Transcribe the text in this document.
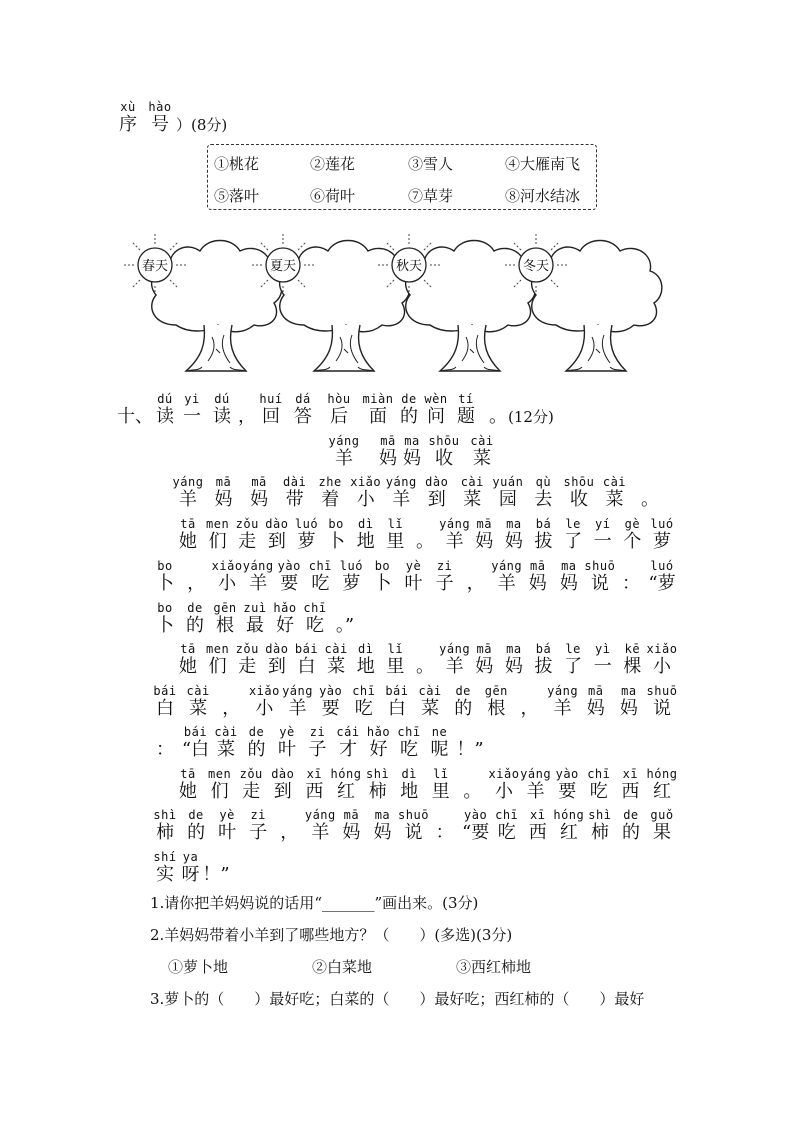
xù
序
hào
号 ）(8分)
①桃花	②莲花	③雪人	④大雁南飞
⑤落叶	⑥荷叶	⑦草芽	⑧河水结冰
春天	夏天	秋天	冬天
十、
dú
读
yi
一
dú
读 ，
huí
回
dá
答
hòu
后
miàn
面
de
的
wèn
问
tí
题 。 (12分)
yáng
羊
mā
妈
ma
妈
shōu
收
cài
菜
yáng
羊
mā
妈
mā
妈
dài
带
zhe
着
xiǎo
小
yáng
羊
dào
到
cài
菜
yuán
园
qù
去
shōu
收
cài
菜 。
tā
她
men
们
zǒu
走
dào
到
luó
萝
bo
卜
dì
地
lǐ
里 。
yáng
羊
mā
妈
ma
妈
bá
拔
le
了
yí
一
gè
个
luó
萝
bo
卜 ，
xiǎo
小
yáng
羊
yào
要
chī
吃
luó
萝
bo
卜
yè
叶
zi
子 ，
yáng
羊
mā
妈
ma
妈
shuō
说 ：
luó
“萝
bo
卜
de
的
gēn
根
zuì
最
hǎo
好
chī
吃 。”
tā
她
men
们
zǒu
走
dào
到
bái
白
cài
菜
dì
地
lǐ
里 。
yáng
羊
mā
妈
ma
妈
bá
拔
le
了
yì
一
kē
棵
xiǎo
小
bái
白
cài
菜 ，
xiǎo
小
yáng
羊
yào
要
chī
吃
bái
白
cài
菜
de
的
gēn
根 ，
yáng
羊
mā
妈
ma
妈
shuō
说
：
bái
“白
cài
菜
de
的
yè
叶
zi
子
cái
才
hǎo
好
chī
吃
ne
呢 ！”
tā
她
men
们
zǒu
走
dào
到
xī
西
hóng
红
shì
柿
dì
地
lǐ
里 。
xiǎo
小
yáng
羊
yào
要
chī
吃
xī
西
hóng
红
shì
柿
de
的
yè
叶
zi
子 ，
yáng
羊
mā
妈
ma
妈
shuō
说 ：
yào
“要
chī
吃
xī
西
hóng
红
shì
柿
de
的
guǒ
果
shí
实
ya
呀 ！”
1.请你把羊妈妈说的话用“_______”画出来。(3分)
2.羊妈妈带着小羊到了哪些地方？（　　）(多选)(3分)
①萝卜地	②白菜地	③西红柿地
3.萝卜的（　　）最好吃；白菜的（　　）最好吃；西红柿的（　　）最好
